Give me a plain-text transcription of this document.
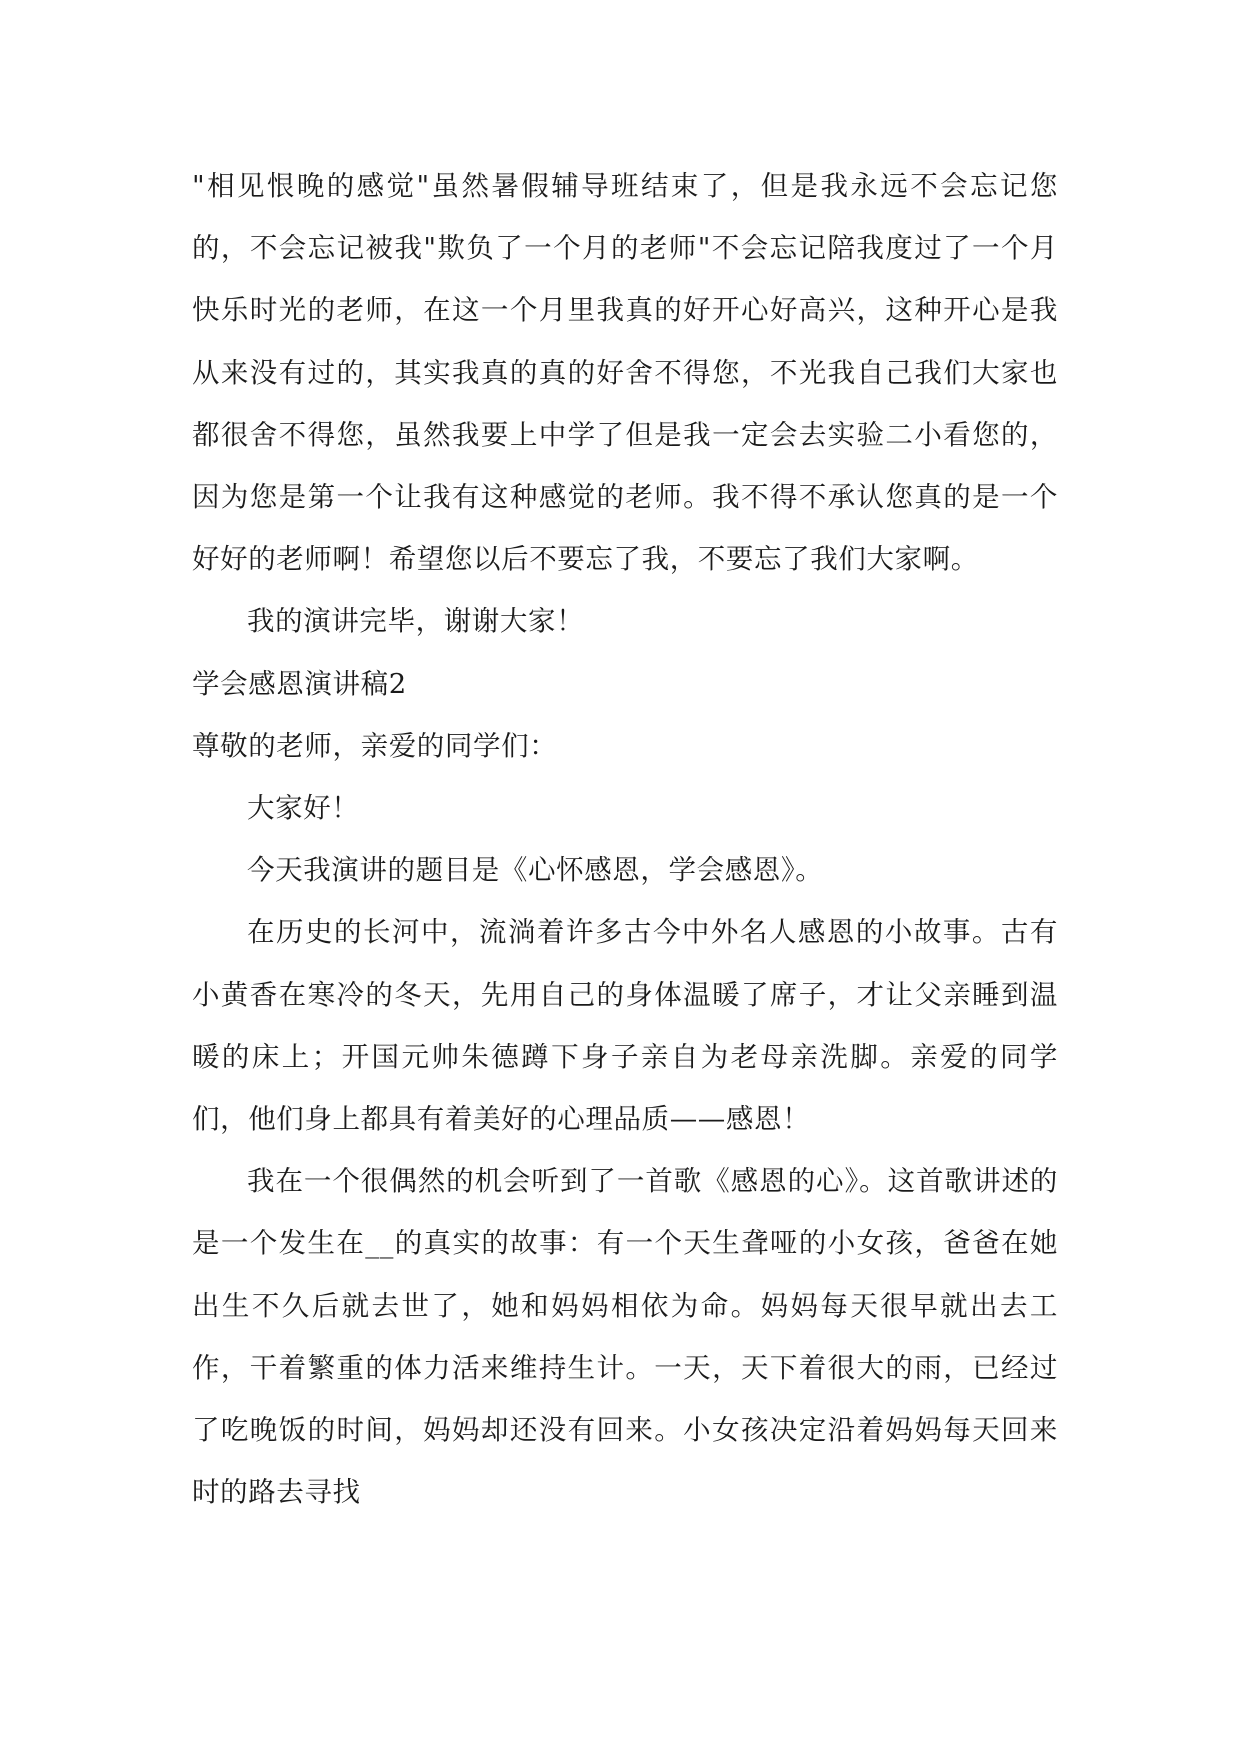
"相见恨晚的感觉"虽然暑假辅导班结束了，但是我永远不会忘记您的，不会忘记被我"欺负了一个月的老师"不会忘记陪我度过了一个月快乐时光的老师，在这一个月里我真的好开心好高兴，这种开心是我从来没有过的，其实我真的真的好舍不得您，不光我自己我们大家也都很舍不得您，虽然我要上中学了但是我一定会去实验二小看您的，因为您是第一个让我有这种感觉的老师。我不得不承认您真的是一个好好的老师啊！希望您以后不要忘了我，不要忘了我们大家啊。

我的演讲完毕，谢谢大家！

学会感恩演讲稿2

尊敬的老师，亲爱的同学们：

大家好！

今天我演讲的题目是《心怀感恩，学会感恩》。

在历史的长河中，流淌着许多古今中外名人感恩的小故事。古有小黄香在寒冷的冬天，先用自己的身体温暖了席子，才让父亲睡到温暖的床上；开国元帅朱德蹲下身子亲自为老母亲洗脚。亲爱的同学们，他们身上都具有着美好的心理品质——感恩！

我在一个很偶然的机会听到了一首歌《感恩的心》。这首歌讲述的是一个发生在__的真实的故事：有一个天生聋哑的小女孩，爸爸在她出生不久后就去世了，她和妈妈相依为命。妈妈每天很早就出去工作，干着繁重的体力活来维持生计。一天，天下着很大的雨，已经过了吃晚饭的时间，妈妈却还没有回来。小女孩决定沿着妈妈每天回来时的路去寻找
